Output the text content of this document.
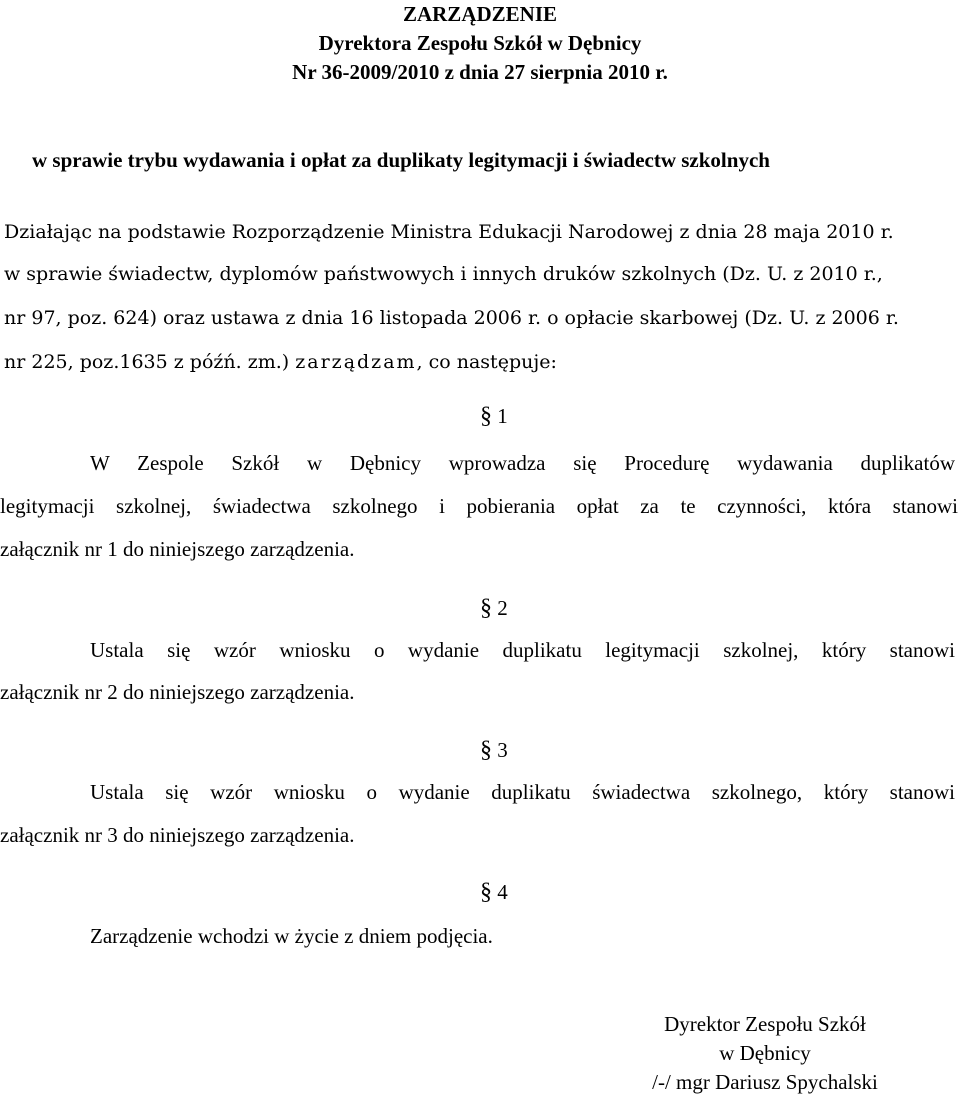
ZARZĄDZENIE
Dyrektora Zespołu Szkół w Dębnicy
Nr 36-2009/2010 z dnia 27 sierpnia 2010 r.
w sprawie trybu wydawania i opłat za duplikaty legitymacji i świadectw szkolnych
Działając na podstawie Rozporządzenie Ministra Edukacji Narodowej z dnia 28 maja 2010 r.
w sprawie świadectw, dyplomów państwowych i innych druków szkolnych (Dz. U. z 2010 r.,
nr 97, poz. 624) oraz ustawa z dnia 16 listopada 2006 r. o opłacie skarbowej (Dz. U. z 2006 r.
nr 225, poz.1635 z późń. zm.) zarządzam, co następuje:
§ 1
W Zespole Szkół w Dębnicy wprowadza się Procedurę wydawania duplikatów
legitymacji szkolnej, świadectwa szkolnego i pobierania opłat za te czynności, która stanowi
załącznik nr 1 do niniejszego zarządzenia.
§ 2
Ustala się wzór wniosku o wydanie duplikatu legitymacji szkolnej, który stanowi
załącznik nr 2 do niniejszego zarządzenia.
§ 3
Ustala się wzór wniosku o wydanie duplikatu świadectwa szkolnego, który stanowi
załącznik nr 3 do niniejszego zarządzenia.
§ 4
Zarządzenie wchodzi w życie z dniem podjęcia.
Dyrektor Zespołu Szkół
w Dębnicy
/-/ mgr Dariusz Spychalski
